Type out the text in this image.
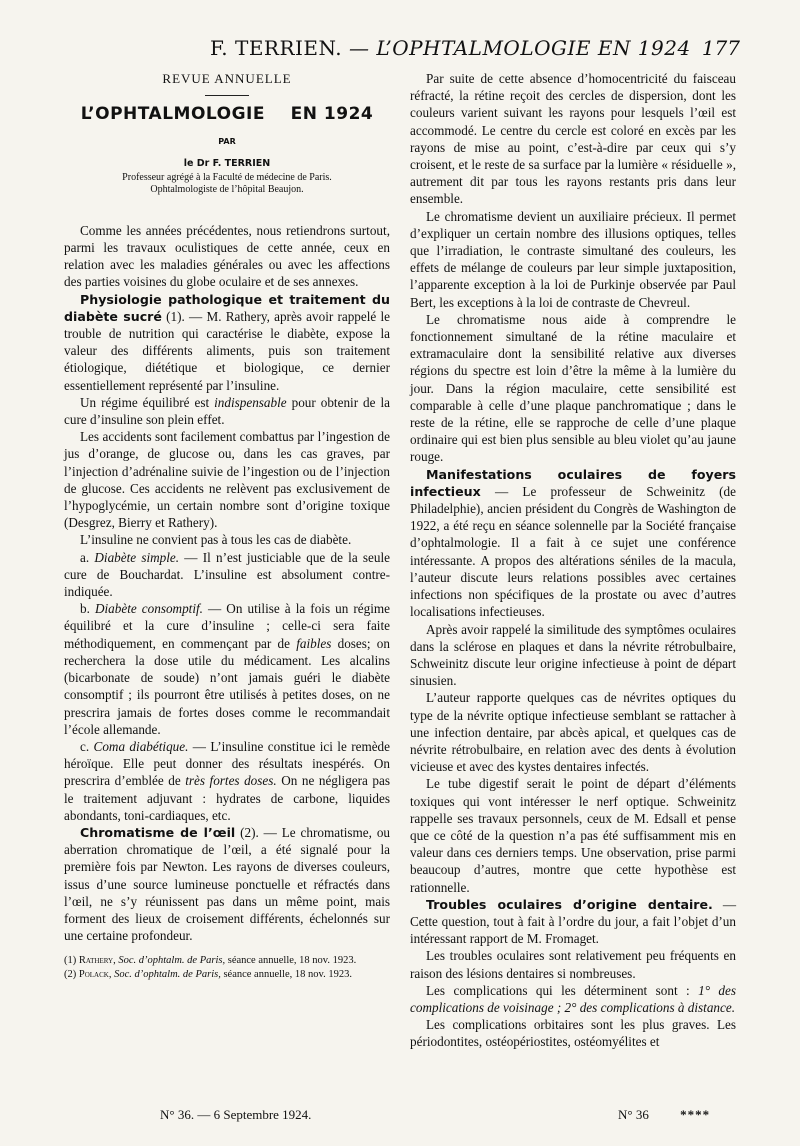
F. TERRIEN. — L’OPHTALMOLOGIE EN 1924 177
REVUE ANNUELLE
L’OPHTALMOLOGIE EN 1924
PAR
le Dr F. TERRIEN
Professeur agrégé à la Faculté de médecine de Paris.
Ophtalmologiste de l’hôpital Beaujon.

Comme les années précédentes, nous retiendrons surtout, parmi les travaux oculistiques de cette année, ceux en relation avec les maladies générales ou avec les affections des parties voisines du globe oculaire et de ses annexes.

Physiologie pathologique et traitement du diabète sucré (1). — M. Rathery, après avoir rappelé le trouble de nutrition qui caractérise le diabète, expose la valeur des différents aliments, puis son traitement étiologique, diététique et biologique, ce dernier essentiellement représenté par l’insuline.

Un régime équilibré est indispensable pour obtenir de la cure d’insuline son plein effet.

Les accidents sont facilement combattus par l’ingestion de jus d’orange, de glucose ou, dans les cas graves, par l’injection d’adrénaline suivie de l’ingestion ou de l’injection de glucose. Ces accidents ne relèvent pas exclusivement de l’hypoglycémie, un certain nombre sont d’origine toxique (Desgrez, Bierry et Rathery).

L’insuline ne convient pas à tous les cas de diabète.

a. Diabète simple. — Il n’est justiciable que de la seule cure de Bouchardat. L’insuline est absolument contre-indiquée.

b. Diabète consomptif. — On utilise à la fois un régime équilibré et la cure d’insuline ; celle-ci sera faite méthodiquement, en commençant par de faibles doses; on recherchera la dose utile du médicament. Les alcalins (bicarbonate de soude) n’ont jamais guéri le diabète consomptif ; ils pourront être utilisés à petites doses, on ne prescrira jamais de fortes doses comme le recommandait l’école allemande.

c. Coma diabétique. — L’insuline constitue ici le remède héroïque. Elle peut donner des résultats inespérés. On prescrira d’emblée de très fortes doses. On ne négligera pas le traitement adjuvant : hydrates de carbone, liquides abondants, toni-cardiaques, etc.

Chromatisme de l’œil (2). — Le chromatisme, ou aberration chromatique de l’œil, a été signalé pour la première fois par Newton. Les rayons de diverses couleurs, issus d’une source lumineuse ponctuelle et réfractés dans l’œil, ne s’y réunissent pas dans un même point, mais forment des lieux de croisement différents, échelonnés sur une certaine profondeur.

(1) Rathery, Soc. d’ophtalm. de Paris, séance annuelle, 18 nov. 1923.

(2) Polack, Soc. d’ophtalm. de Paris, séance annuelle, 18 nov. 1923.

Par suite de cette absence d’homocentricité du faisceau réfracté, la rétine reçoit des cercles de dispersion, dont les couleurs varient suivant les rayons pour lesquels l’œil est accommodé. Le centre du cercle est coloré en excès par les rayons de mise au point, c’est-à-dire par ceux qui s’y croisent, et le reste de sa surface par la lumière « résiduelle », autrement dit par tous les rayons restants pris dans leur ensemble.

Le chromatisme devient un auxiliaire précieux. Il permet d’expliquer un certain nombre des illusions optiques, telles que l’irradiation, le contraste simultané des couleurs, les effets de mélange de couleurs par leur simple juxtaposition, l’apparente exception à la loi de Purkinje observée par Paul Bert, les exceptions à la loi de contraste de Chevreul.

Le chromatisme nous aide à comprendre le fonctionnement simultané de la rétine maculaire et extramaculaire dont la sensibilité relative aux diverses régions du spectre est loin d’être la même à la lumière du jour. Dans la région maculaire, cette sensibilité est comparable à celle d’une plaque panchromatique ; dans le reste de la rétine, elle se rapproche de celle d’une plaque ordinaire qui est bien plus sensible au bleu violet qu’au jaune rouge.

Manifestations oculaires de foyers infectieux — Le professeur de Schweinitz (de Philadelphie), ancien président du Congrès de Washington de 1922, a été reçu en séance solennelle par la Société française d’ophtalmologie. Il a fait à ce sujet une conférence intéressante. A propos des altérations séniles de la macula, l’auteur discute leurs relations possibles avec certaines infections non spécifiques de la prostate ou avec d’autres localisations infectieuses.

Après avoir rappelé la similitude des symptômes oculaires dans la sclérose en plaques et dans la névrite rétrobulbaire, Schweinitz discute leur origine infectieuse à point de départ sinusien.

L’auteur rapporte quelques cas de névrites optiques du type de la névrite optique infectieuse semblant se rattacher à une infection dentaire, par abcès apical, et quelques cas de névrite rétrobulbaire, en relation avec des dents à évolution vicieuse et avec des kystes dentaires infectés.

Le tube digestif serait le point de départ d’éléments toxiques qui vont intéresser le nerf optique. Schweinitz rappelle ses travaux personnels, ceux de M. Edsall et pense que ce côté de la question n’a pas été suffisamment mis en valeur dans ces derniers temps. Une observation, prise parmi beaucoup d’autres, montre que cette hypothèse est rationnelle.

Troubles oculaires d’origine dentaire. — Cette question, tout à fait à l’ordre du jour, a fait l’objet d’un intéressant rapport de M. Fromaget.

Les troubles oculaires sont relativement peu fréquents en raison des lésions dentaires si nombreuses.

Les complications qui les déterminent sont : 1° des complications de voisinage ; 2° des complications à distance.

Les complications orbitaires sont les plus graves. Les périodontites, ostéopériostites, ostéomyélites et

N° 36. — 6 Septembre 1924.	N° 36 ****
